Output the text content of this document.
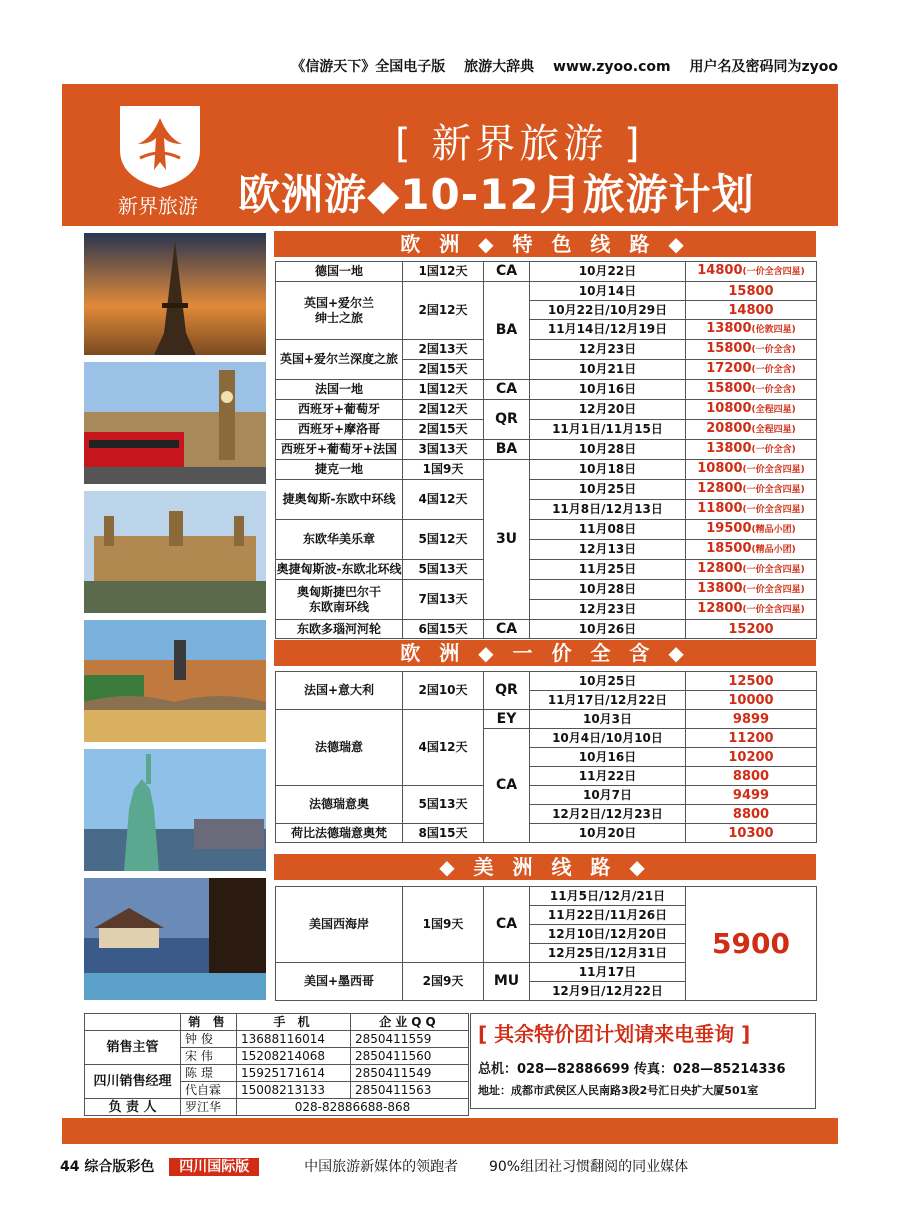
《信游天下》全国电子版 旅游大辞典 www.zyoo.com 用户名及密码同为zyoo
新界旅游
[ 新界旅游 ]
欧洲游◆10-12月旅游计划
欧 洲 ◆ 特 色 线 路 ◆
欧 洲 ◆ 一 价 全 含 ◆
◆ 美 洲 线 路 ◆
德国一地	1国12天	CA	10月22日	14800(一价全含四星)
英国+爱尔兰
绅士之旅	2国12天	BA	10月14日	15800
			10月22日/10月29日	14800
			11月14日/12月19日	13800(伦敦四星)
英国+爱尔兰深度之旅	2国13天		12月23日	15800(一价全含)
	2国15天		10月21日	17200(一价全含)
法国一地	1国12天	CA	10月16日	15800(一价全含)
西班牙+葡萄牙	2国12天	QR	12月20日	10800(全程四星)
西班牙+摩洛哥	2国15天		11月1日/11月15日	20800(全程四星)
西班牙+葡萄牙+法国	3国13天	BA	10月28日	13800(一价全含)
捷克一地	1国9天	3U	10月18日	10800(一价全含四星)
捷奥匈斯-东欧中环线	4国12天		10月25日	12800(一价全含四星)
			11月8日/12月13日	11800(一价全含四星)
东欧华美乐章	5国12天		11月08日	19500(精品小团)
			12月13日	18500(精品小团)
奥捷匈斯波-东欧北环线	5国13天		11月25日	12800(一价全含四星)
奥匈斯捷巴尔干
东欧南环线	7国13天		10月28日	13800(一价全含四星)
			12月23日	12800(一价全含四星)
东欧多瑙河河轮	6国15天	CA	10月26日	15200
法国+意大利	2国10天	QR	10月25日	12500
			11月17日/12月22日	10000
法德瑞意	4国12天	EY	10月3日	9899
		CA	10月4日/10月10日	11200
			10月16日	10200
			11月22日	8800
法德瑞意奥	5国13天		10月7日	9499
			12月2日/12月23日	8800
荷比法德瑞意奥梵	8国15天		10月20日	10300
美国西海岸	1国9天	CA	11月5日/12月/21日	5900
			11月22日/11月26日	
			12月10日/12月20日	
			12月25日/12月31日	
美国+墨西哥	2国9天	MU	11月17日	
			12月9日/12月22日	
	销 售	手 机	企业QQ
销售主管	钟 俊	13688116014	2850411559
	宋 伟	15208214068	2850411560
四川销售经理	陈 璟	15925171614	2850411549
	代自霖	15008213133	2850411563
负 责 人	罗江华	028-82886688-868	
[ 其余特价团计划请来电垂询 ]
总机：028—82886699 传真：028—85214336
地址：成都市武侯区人民南路3段2号汇日央扩大厦501室
44 综合版彩色 四川国际版	中国旅游新媒体的领跑者 90%组团社习惯翻阅的同业媒体
